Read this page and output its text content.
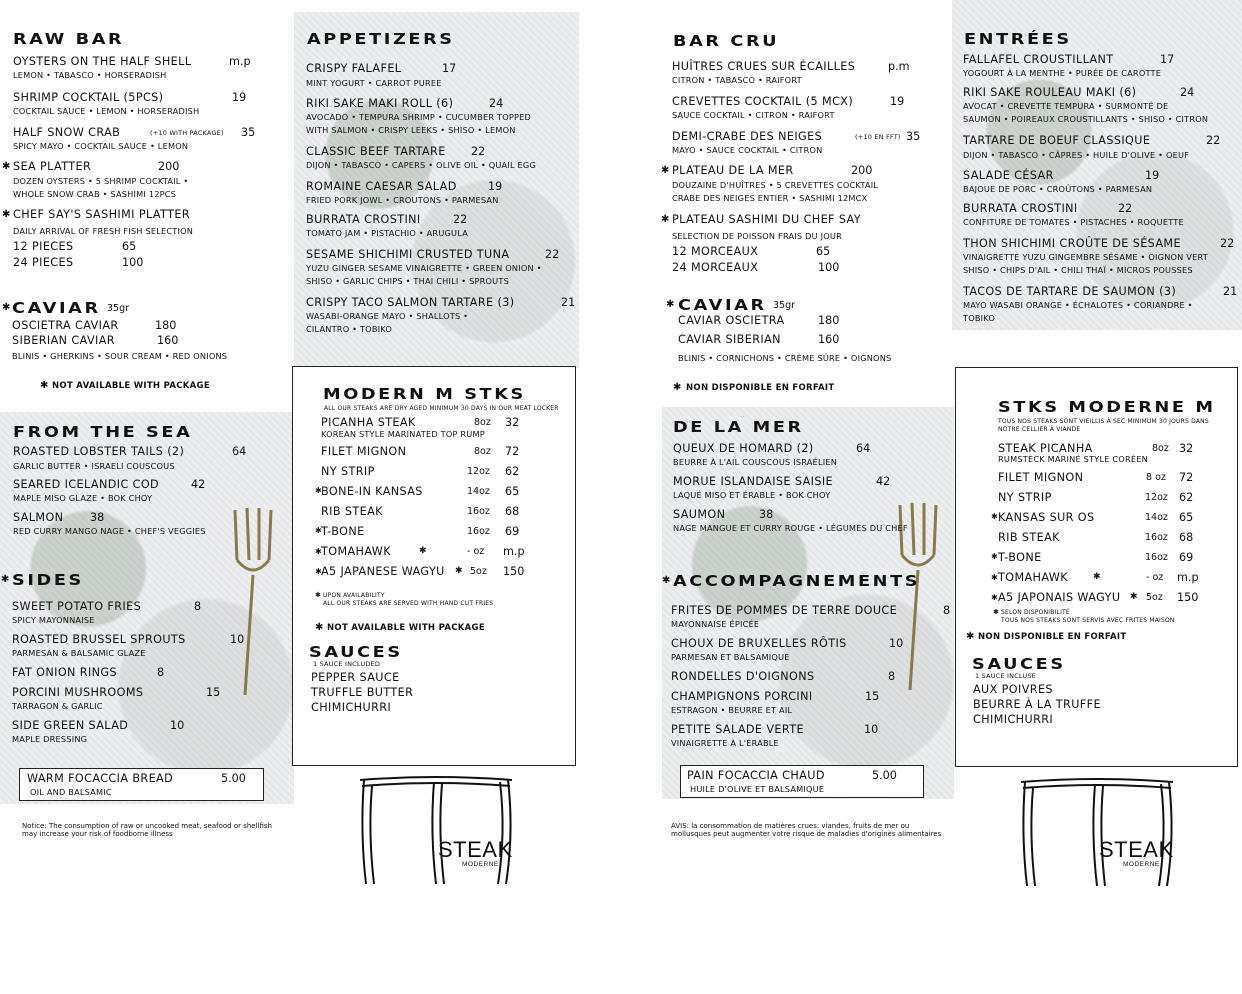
RAW BAR
OYSTERS ON THE HALF SHELL	m.p
LEMON • TABASCO • HORSERADISH
SHRIMP COCKTAIL (5PCS)	19
COCKTAIL SAUCE • LEMON • HORSERADISH
HALF SNOW CRAB	(+10 WITH PACKAGE) 35
SPICY MAYO • COCKTAIL SAUCE • LEMON
✱ SEA PLATTER	200
DOZEN OYSTERS • 5 SHRIMP COCKTAIL •
WHOLE SNOW CRAB • SASHIMI 12PCS
✱ CHEF SAY'S SASHIMI PLATTER
DAILY ARRIVAL OF FRESH FISH SELECTION
12 PIECES	65
24 PIECES	100
✱ CAVIAR 35gr
OSCIETRA CAVIAR	180
SIBERIAN CAVIAR	160
BLINIS • GHERKINS • SOUR CREAM • RED ONIONS
✱ NOT AVAILABLE WITH PACKAGE
APPETIZERS
CRISPY FALAFEL	17
MINT YOGURT • CARROT PUREE
RIKI SAKE MAKI ROLL (6)	24
AVOCADO • TEMPURA SHRIMP • CUCUMBER TOPPED
WITH SALMON • CRISPY LEEKS • SHISO • LEMON
CLASSIC BEEF TARTARE 22
DIJON • TABASCO • CAPERS • OLIVE OIL • QUAIL EGG
ROMAINE CAESAR SALAD	19
FRIED PORK JOWL • CROUTONS • PARMESAN
BURRATA CROSTINI	22
TOMATO JAM • PISTACHIO • ARUGULA
SESAME SHICHIMI CRUSTED TUNA	22
YUZU GINGER SESAME VINAIGRETTE • GREEN ONION •
SHISO • GARLIC CHIPS • THAI CHILI • SPROUTS
CRISPY TACO SALMON TARTARE (3)	21
WASABI-ORANGE MAYO • SHALLOTS •
CILANTRO • TOBIKO
FROM THE SEA
ROASTED LOBSTER TAILS (2)	64
GARLIC BUTTER • ISRAELI COUSCOUS
SEARED ICELANDIC COD	42
MAPLE MISO GLAZE • BOK CHOY
SALMON 38
RED CURRY MANGO NAGE • CHEF'S VEGGIES
✱ SIDES
SWEET POTATO FRIES	8
SPICY MAYONNAISE
ROASTED BRUSSEL SPROUTS	10
PARMESAN & BALSAMIC GLAZE
FAT ONION RINGS	8
PORCINI MUSHROOMS	15
TARRAGON & GARLIC
SIDE GREEN SALAD	10
MAPLE DRESSING
WARM FOCACCIA BREAD	5.00
OIL AND BALSAMIC
Notice: The consumption of raw or uncooked meat, seafood or shellfish may increase your risk of foodborne illness
MODERN M STKS
ALL OUR STEAKS ARE DRY AGED MINIMUM 30 DAYS IN OUR MEAT LOCKER
PICANHA STEAK	8oz 32
KOREAN STYLE MARINATED TOP RUMP
FILET MIGNON	8oz 72
NY STRIP	12oz 62
✱ BONE-IN KANSAS	14oz 65
RIB STEAK	16oz 68
✱ T-BONE	16oz 69
✱ TOMAHAWK	✱	- oz m.p
✱ A5 JAPANESE WAGYU ✱ 5oz 150
✱ UPON AVAILABILITY
ALL OUR STEAKS ARE SERVED WITH HAND CUT FRIES
✱ NOT AVAILABLE WITH PACKAGE
SAUCES
1 SAUCE INCLUDED
PEPPER SAUCE
TRUFFLE BUTTER
CHIMICHURRI
STEAK
MODERNE
BAR CRU
HUÎTRES CRUES SUR ÉCAILLES	p.m
CITRON • TABASCO • RAIFORT
CREVETTES COCKTAIL (5 MCX)	19
SAUCE COCKTAIL • CITRON • RAIFORT
DEMI-CRABE DES NEIGES	(+10 EN FFT) 35
MAYO • SAUCE COCKTAIL • CITRON
✱ PLATEAU DE LA MER	200
DOUZAINE D'HUÎTRES • 5 CREVETTES COCKTAIL
CRABE DES NEIGES ENTIER • SASHIMI 12MCX
✱ PLATEAU SASHIMI DU CHEF SAY
SELECTION DE POISSON FRAIS DU JOUR
12 MORCEAUX	65
24 MORCEAUX	100
✱ CAVIAR 35gr
CAVIAR OSCIETRA	180
CAVIAR SIBERIAN	160
BLINIS • CORNICHONS • CRÈME SÛRE • OIGNONS
✱ NON DISPONIBLE EN FORFAIT
ENTRÉES
FALLAFEL CROUSTILLANT	17
YOGOURT À LA MENTHE • PURÉE DE CAROTTE
RIKI SAKE ROULEAU MAKI (6)	24
AVOCAT • CREVETTE TEMPURA • SURMONTÉ DE
SAUMON • POIREAUX CROUSTILLANTS • SHISO • CITRON
TARTARE DE BOEUF CLASSIQUE	22
DIJON • TABASCO • CÂPRES • HUILE D'OLIVE • OEUF
SALADE CÉSAR	19
BAJOUE DE PORC • CROÛTONS • PARMESAN
BURRATA CROSTINI	22
CONFITURE DE TOMATES • PISTACHES • ROQUETTE
THON SHICHIMI CROÛTE DE SÉSAME	22
VINAIGRETTE YUZU GINGEMBRE SÉSAME • OIGNON VERT
SHISO • CHIPS D'AIL • CHILI THAÏ • MICROS POUSSES
TACOS DE TARTARE DE SAUMON (3)	21
MAYO WASABI ORANGE • ÉCHALOTES • CORIANDRE •
TOBIKO
DE LA MER
QUEUX DE HOMARD (2)	64
BEURRE À L'AIL COUSCOUS ISRAÉLIEN
MORUE ISLANDAISE SAISIE	42
LAQUÉ MISO ET ÉRABLE • BOK CHOY
SAUMON	38
NAGE MANGUE ET CURRY ROUGE • LÉGUMES DU CHEF
✱ ACCOMPAGNEMENTS
FRITES DE POMMES DE TERRE DOUCE	8
MAYONNAISE ÉPICÉE
CHOUX DE BRUXELLES RÔTIS	10
PARMESAN ET BALSAMIQUE
RONDELLES D'OIGNONS	8
CHAMPIGNONS PORCINI	15
ESTRAGON • BEURRE ET AIL
PETITE SALADE VERTE	10
VINAIGRETTE À L'ÉRABLE
PAIN FOCACCIA CHAUD	5.00
HUILE D'OLIVE ET BALSAMIQUE
AVIS: la consommation de matières crues: viandes, fruits de mer ou mollusques peut augmenter votre risque de maladies d'origines alimentaires
STKS MODERNE M
TOUS NOS STEAKS SONT VIEILLIS À SEC MINIMUM 30 JOURS DANS
NOTRE CELLIER À VIANDE
STEAK PICANHA	8oz 32
RUMSTECK MARINÉ STYLE CORÉEN
FILET MIGNON	8 oz 72
NY STRIP	12oz 62
✱ KANSAS SUR OS	14oz 65
RIB STEAK	16oz 68
✱ T-BONE	16oz 69
✱ TOMAHAWK	✱	- oz m.p
✱ A5 JAPONAIS WAGYU ✱ 5oz 150
✱ SELON DISPONIBILITÉ
TOUS NOS STEAKS SONT SERVIS AVEC FRITES MAISON
✱ NON DISPONIBLE EN FORFAIT
SAUCES
1 SAUCE INCLUSE
AUX POIVRES
BEURRE À LA TRUFFE
CHIMICHURRI
STEAK
MODERNE
